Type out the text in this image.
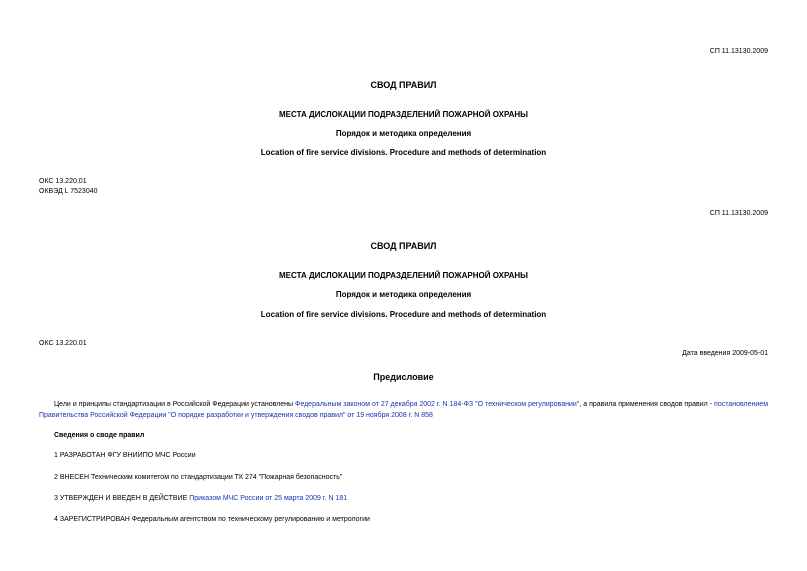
СП 11.13130.2009
СВОД ПРАВИЛ
МЕСТА ДИСЛОКАЦИИ ПОДРАЗДЕЛЕНИЙ ПОЖАРНОЙ ОХРАНЫ
Порядок и методика определения
Location of fire service divisions. Procedure and methods of determination
ОКС 13.220.01
ОКВЭД L 7523040
СП 11.13130.2009
СВОД ПРАВИЛ
МЕСТА ДИСЛОКАЦИИ ПОДРАЗДЕЛЕНИЙ ПОЖАРНОЙ ОХРАНЫ
Порядок и методика определения
Location of fire service divisions. Procedure and methods of determination
ОКС 13.220.01
Дата введения 2009-05-01
Предисловие
Цели и принципы стандартизации в Российской Федерации установлены Федеральным законом от 27 декабря 2002 г. N 184-ФЗ "О техническом регулировании", а правила применения сводов правил - постановлением Правительства Российской Федерации "О порядке разработки и утверждения сводов правил" от 19 ноября 2008 г. N 858
Сведения о своде правил
1 РАЗРАБОТАН ФГУ ВНИИПО МЧС России
2 ВНЕСЕН Техническим комитетом по стандартизации ТК 274 "Пожарная безопасность"
3 УТВЕРЖДЕН И ВВЕДЕН В ДЕЙСТВИЕ Приказом МЧС России от 25 марта 2009 г. N 181
4 ЗАРЕГИСТРИРОВАН Федеральным агентством по техническому регулированию и метрологии
